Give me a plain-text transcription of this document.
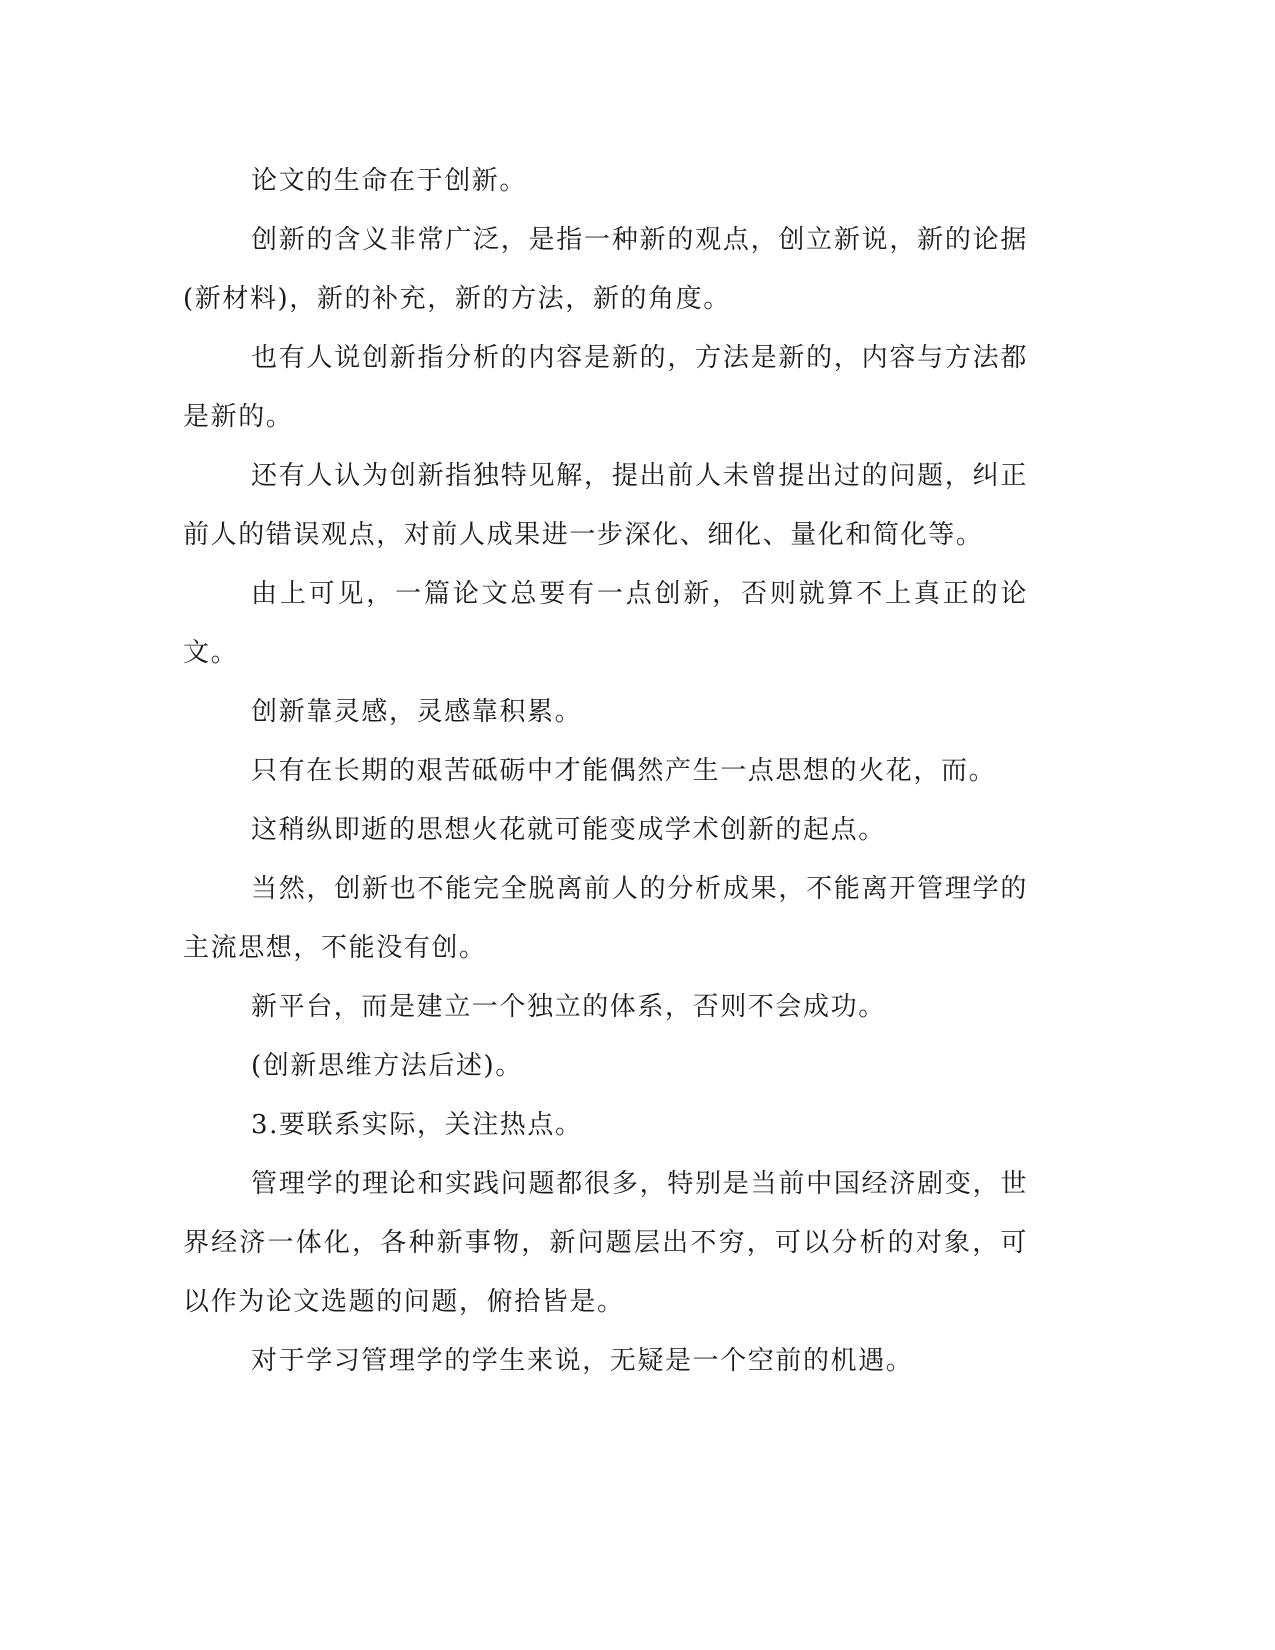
论文的生命在于创新。

创新的含义非常广泛，是指一种新的观点，创立新说，新的论据(新材料)，新的补充，新的方法，新的角度。

也有人说创新指分析的内容是新的，方法是新的，内容与方法都是新的。

还有人认为创新指独特见解，提出前人未曾提出过的问题，纠正前人的错误观点，对前人成果进一步深化、细化、量化和简化等。

由上可见，一篇论文总要有一点创新，否则就算不上真正的论文。

创新靠灵感，灵感靠积累。

只有在长期的艰苦砥砺中才能偶然产生一点思想的火花，而。

这稍纵即逝的思想火花就可能变成学术创新的起点。

当然，创新也不能完全脱离前人的分析成果，不能离开管理学的主流思想，不能没有创。

新平台，而是建立一个独立的体系，否则不会成功。

(创新思维方法后述)。

3.要联系实际，关注热点。

管理学的理论和实践问题都很多，特别是当前中国经济剧变，世界经济一体化，各种新事物，新问题层出不穷，可以分析的对象，可以作为论文选题的问题，俯拾皆是。

对于学习管理学的学生来说，无疑是一个空前的机遇。
